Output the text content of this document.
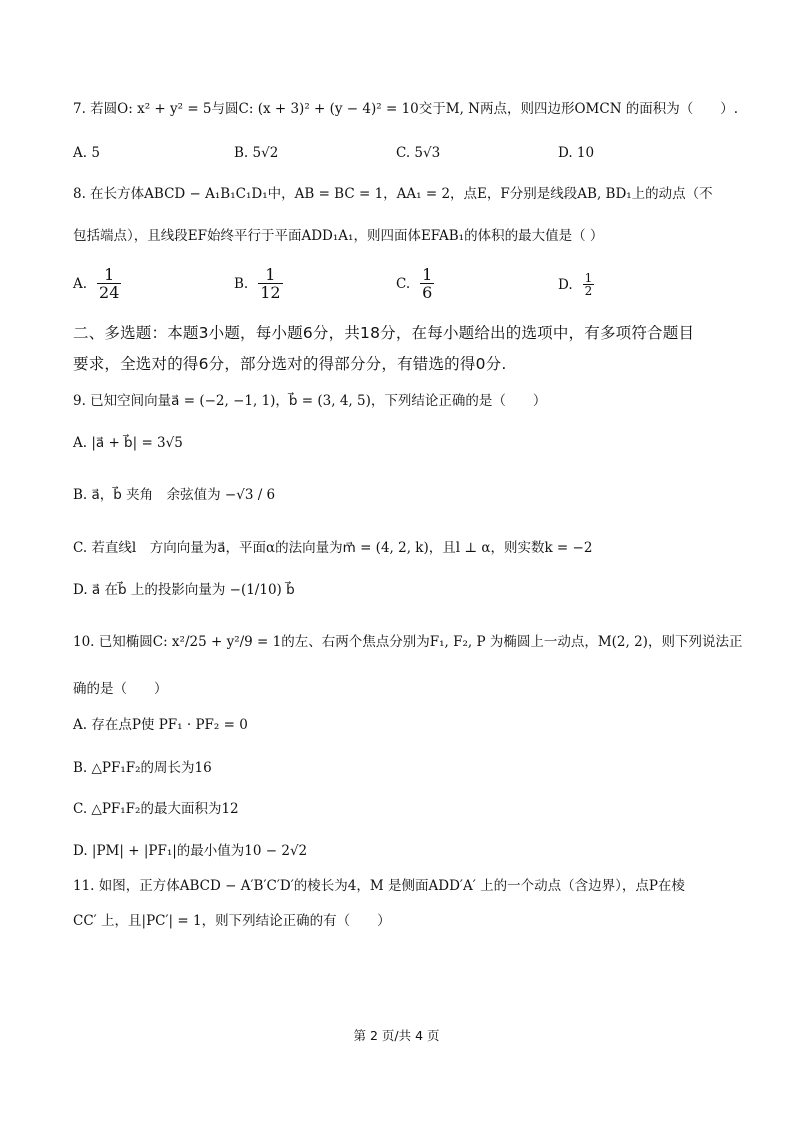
7. 若圆O: x² + y² = 5与圆C: (x + 3)² + (y − 4)² = 10交于M, N两点，则四边形OMCN 的面积为（　　）.
A. 5	B. 5√2	C. 5√3	D. 10
8. 在长方体ABCD − A₁B₁C₁D₁中，AB = BC = 1，AA₁ = 2，点E，F分别是线段AB, BD₁上的动点（不
包括端点），且线段EF始终平行于平面ADD₁A₁，则四面体EFAB₁的体积的最大值是（ ）
A. $\frac{1}{24}$	B. $\frac{1}{12}$	C. $\frac{1}{6}$	D. $\frac{1}{2}$
二、多选题：本题3小题，每小题6分，共18分，在每小题给出的选项中，有多项符合题目
要求，全选对的得6分，部分选对的得部分分，有错选的得0分.
9. 已知空间向量a⃗ = (−2, −1, 1)，b⃗ = (3, 4, 5)，下列结论正确的是（　　）
A. |a⃗ + b⃗| = 3√5
B. a⃗，b⃗ 夹角　余弦值为 −√3 / 6
C. 若直线l　方向向量为a⃗，平面α的法向量为m⃗ = (4, 2, k)，且l ⊥ α，则实数k = −2
D. a⃗ 在b⃗ 上的投影向量为 −(1/10) b⃗
10. 已知椭圆C: x²/25 + y²/9 = 1的左、右两个焦点分别为F₁, F₂, P 为椭圆上一动点，M(2, 2)，则下列说法正
确的是（　　）
A. 存在点P使 PF₁ · PF₂ = 0
B. △PF₁F₂的周长为16
C. △PF₁F₂的最大面积为12
D. |PM| + |PF₁|的最小值为10 − 2√2
11. 如图，正方体ABCD − A′B′C′D′的棱长为4，M 是侧面ADD′A′ 上的一个动点（含边界），点P在棱
CC′ 上，且|PC′| = 1，则下列结论正确的有（　　）
第 2 页/共 4 页
